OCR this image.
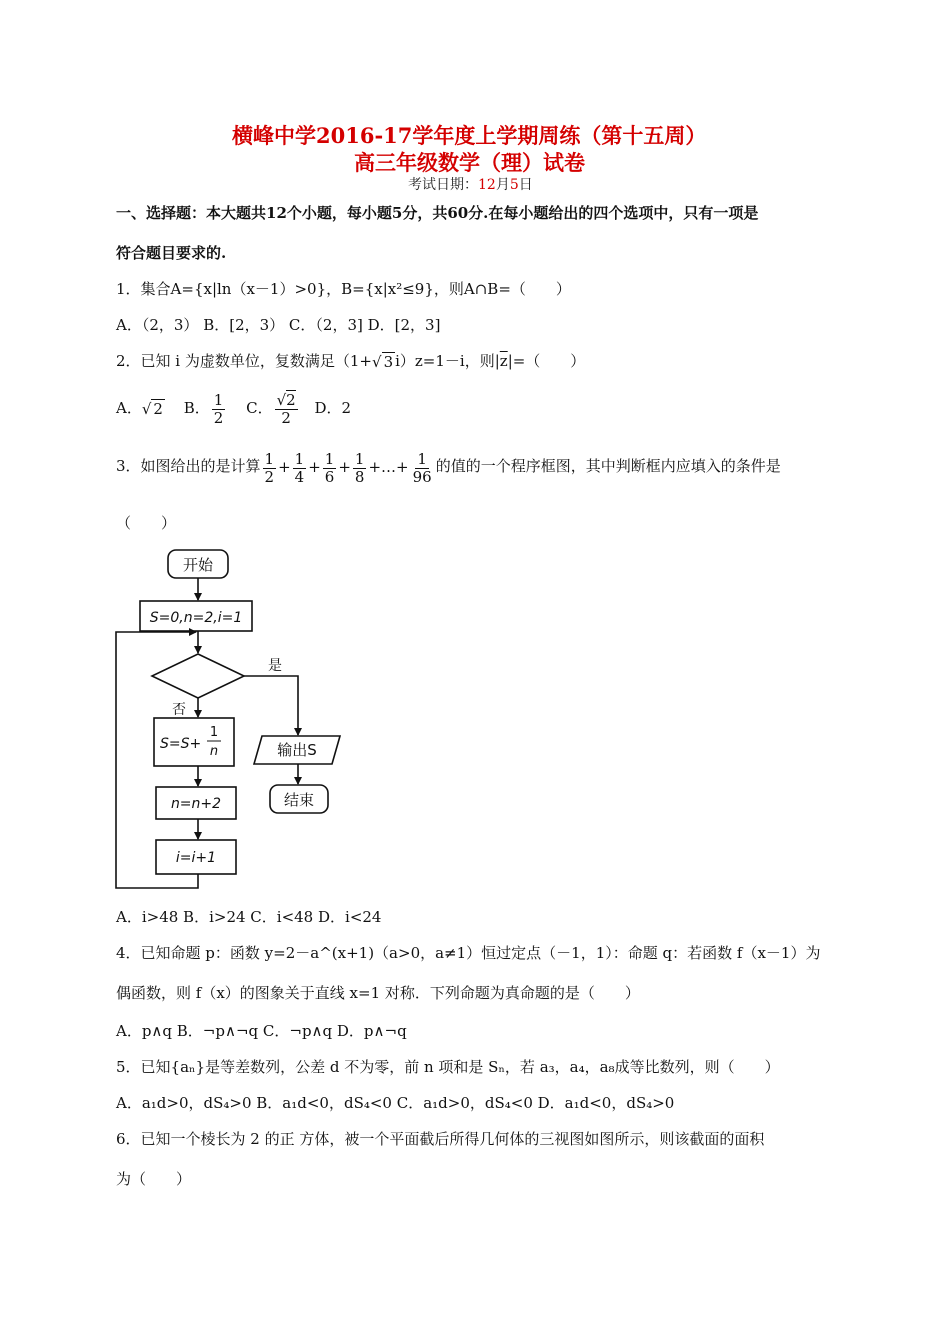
横峰中学2016-17学年度上学期周练（第十五周）
高三年级数学（理）试卷
考试日期：12月5日
一、选择题：本大题共12个小题，每小题5分，共60分.在每小题给出的四个选项中，只有一项是
符合题目要求的.
1．集合A={x|ln（x－1）>0}，B={x|x²≤9}，则A∩B=（　　）
A．（2，3） B．[2，3） C．（2，3] D．[2，3]
2．已知 i 为虚数单位，复数满足（1+√ 3 i）z=1－i，则$|\overline{z}|=$（　　）
A．√ 2 B． $\frac{1}{2}$ C． $\frac{√2}{2}$ D．2
3．如图给出的是计算 $\frac{1}{2} + \frac{1}{4} + \frac{1}{6} + \frac{1}{8}$ +…+ $\frac{1}{96}$ 的值的一个程序框图，其中判断框内应填入的条件是
（　　）
开始
S=0,n=2,i=1
是
否
S=S+
1
n
n=n+2
i=i+1
输出S
结束
A．i>48 B．i>24 C．i<48 D．i<24
4．已知命题 p：函数 y=2－a^(x+1)（a>0，a≠1）恒过定点（－1，1）：命题 q：若函数 f（x－1）为
偶函数，则 f（x）的图象关于直线 x=1 对称．下列命题为真命题的是（　　）
A．p∧q B．¬p∧¬q C．¬p∧q D．p∧¬q
5．已知{aₙ}是等差数列，公差 d 不为零，前 n 项和是 Sₙ，若 a₃，a₄，a₈成等比数列，则（　　）
A．a₁d>0，dS₄>0 B．a₁d<0，dS₄<0 C．a₁d>0，dS₄<0 D．a₁d<0，dS₄>0
6．已知一个棱长为 2 的正 方体，被一个平面截后所得几何体的三视图如图所示，则该截面的面积
为（　　）
